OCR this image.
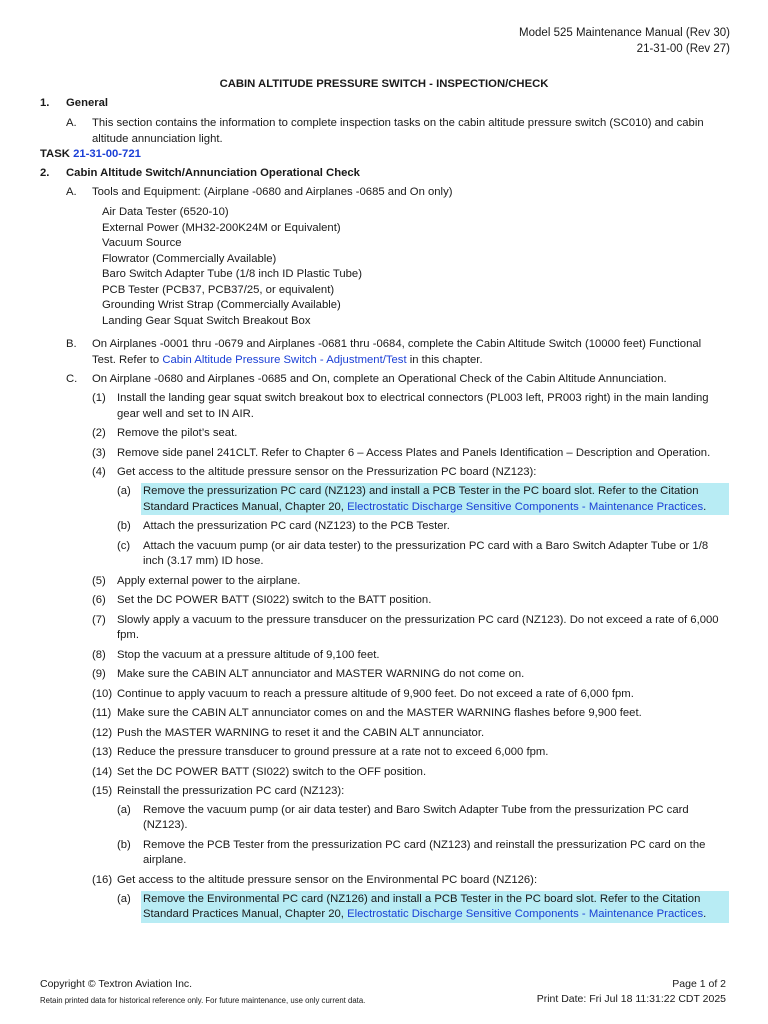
Model 525 Maintenance Manual (Rev 30)
21-31-00 (Rev 27)
CABIN ALTITUDE PRESSURE SWITCH - INSPECTION/CHECK
1. General
A. This section contains the information to complete inspection tasks on the cabin altitude pressure switch (SC010) and cabin
altitude annunciation light.
TASK 21-31-00-721
2. Cabin Altitude Switch/Annunciation Operational Check
A. Tools and Equipment: (Airplane -0680 and Airplanes -0685 and On only)
Air Data Tester (6520-10)
External Power (MH32-200K24M or Equivalent)
Vacuum Source
Flowrator (Commercially Available)
Baro Switch Adapter Tube (1/8 inch ID Plastic Tube)
PCB Tester (PCB37, PCB37/25, or equivalent)
Grounding Wrist Strap (Commercially Available)
Landing Gear Squat Switch Breakout Box
B. On Airplanes -0001 thru -0679 and Airplanes -0681 thru -0684, complete the Cabin Altitude Switch (10000 feet) Functional
Test. Refer to Cabin Altitude Pressure Switch - Adjustment/Test in this chapter.
C. On Airplane -0680 and Airplanes -0685 and On, complete an Operational Check of the Cabin Altitude Annunciation.
(1) Install the landing gear squat switch breakout box to electrical connectors (PL003 left, PR003 right) in the main landing
gear well and set to IN AIR.
(2) Remove the pilot’s seat.
(3) Remove side panel 241CLT. Refer to Chapter 6 – Access Plates and Panels Identification – Description and Operation.
(4) Get access to the altitude pressure sensor on the Pressurization PC board (NZ123):
(a) Remove the pressurization PC card (NZ123) and install a PCB Tester in the PC board slot. Refer to the Citation
Standard Practices Manual, Chapter 20, Electrostatic Discharge Sensitive Components - Maintenance Practices.
(b) Attach the pressurization PC card (NZ123) to the PCB Tester.
(c) Attach the vacuum pump (or air data tester) to the pressurization PC card with a Baro Switch Adapter Tube or 1/8
inch (3.17 mm) ID hose.
(5) Apply external power to the airplane.
(6) Set the DC POWER BATT (SI022) switch to the BATT position.
(7) Slowly apply a vacuum to the pressure transducer on the pressurization PC card (NZ123). Do not exceed a rate of 6,000
fpm.
(8) Stop the vacuum at a pressure altitude of 9,100 feet.
(9) Make sure the CABIN ALT annunciator and MASTER WARNING do not come on.
(10) Continue to apply vacuum to reach a pressure altitude of 9,900 feet. Do not exceed a rate of 6,000 fpm.
(11) Make sure the CABIN ALT annunciator comes on and the MASTER WARNING flashes before 9,900 feet.
(12) Push the MASTER WARNING to reset it and the CABIN ALT annunciator.
(13) Reduce the pressure transducer to ground pressure at a rate not to exceed 6,000 fpm.
(14) Set the DC POWER BATT (SI022) switch to the OFF position.
(15) Reinstall the pressurization PC card (NZ123):
(a) Remove the vacuum pump (or air data tester) and Baro Switch Adapter Tube from the pressurization PC card
(NZ123).
(b) Remove the PCB Tester from the pressurization PC card (NZ123) and reinstall the pressurization PC card on the
airplane.
(16) Get access to the altitude pressure sensor on the Environmental PC board (NZ126):
(a) Remove the Environmental PC card (NZ126) and install a PCB Tester in the PC board slot. Refer to the Citation
Standard Practices Manual, Chapter 20, Electrostatic Discharge Sensitive Components - Maintenance Practices.
Copyright © Textron Aviation Inc.
Retain printed data for historical reference only. For future maintenance, use only current data.
Page 1 of 2
Print Date: Fri Jul 18 11:31:22 CDT 2025
